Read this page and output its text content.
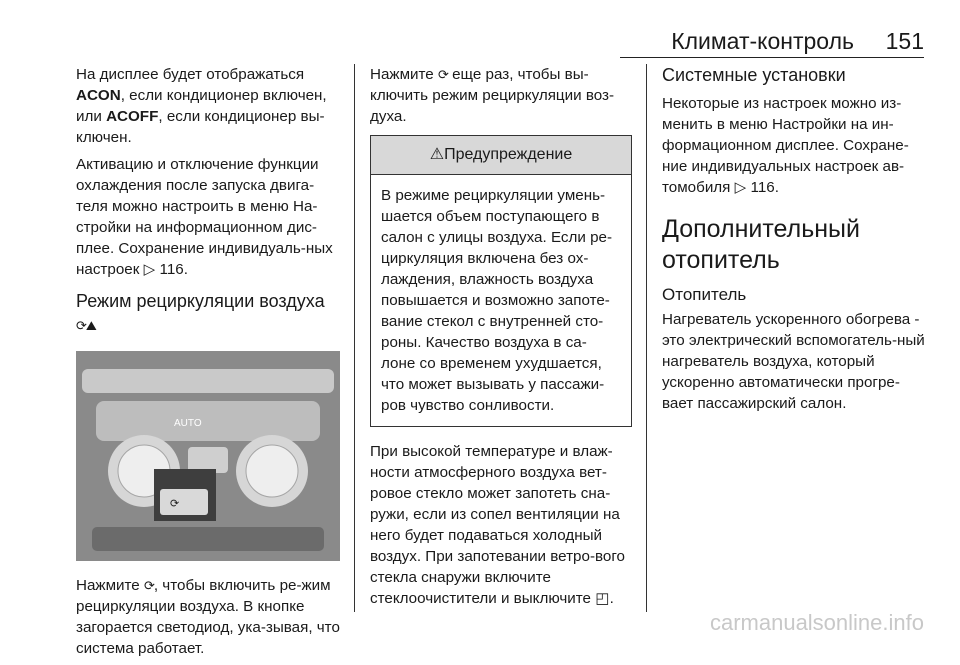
Климат-контроль 151

На дисплее будет отображаться ACON, если кондиционер включен, или ACOFF, если кондиционер вы-ключен.

Активацию и отключение функции охлаждения после запуска двига-теля можно настроить в меню На-стройки на информационном дис-плее. Сохранение индивидуаль-ных настроек ▷ 116.

Режим рециркуляции воздуха ⟳⛰
AUTO
⟳

Нажмите ⟳, чтобы включить ре-жим рециркуляции воздуха. В кнопке загорается светодиод, ука-зывая, что система работает.

Нажмите ⟳ еще раз, чтобы вы-ключить режим рециркуляции воз-духа.

⚠Предупреждение

В режиме рециркуляции умень-шается объем поступающего в салон с улицы воздуха. Если ре-циркуляция включена без ох-лаждения, влажность воздуха повышается и возможно запоте-вание стекол с внутренней сто-роны. Качество воздуха в са-лоне со временем ухудшается, что может вызывать у пассажи-ров чувство сонливости.

При высокой температуре и влаж-ности атмосферного воздуха вет-ровое стекло может запотеть сна-ружи, если из сопел вентиляции на него будет подаваться холодный воздух. При запотевании ветро-вого стекла снаружи включите стеклоочистители и выключите ◰.

Системные установки

Некоторые из настроек можно из-менить в меню Настройки на ин-формационном дисплее. Сохране-ние индивидуальных настроек ав-томобиля ▷ 116.

Дополнительный отопитель
Отопитель

Нагреватель ускоренного обогрева - это электрический вспомогатель-ный нагреватель воздуха, который ускоренно автоматически прогре-вает пассажирский салон.

carmanualsonline.info
